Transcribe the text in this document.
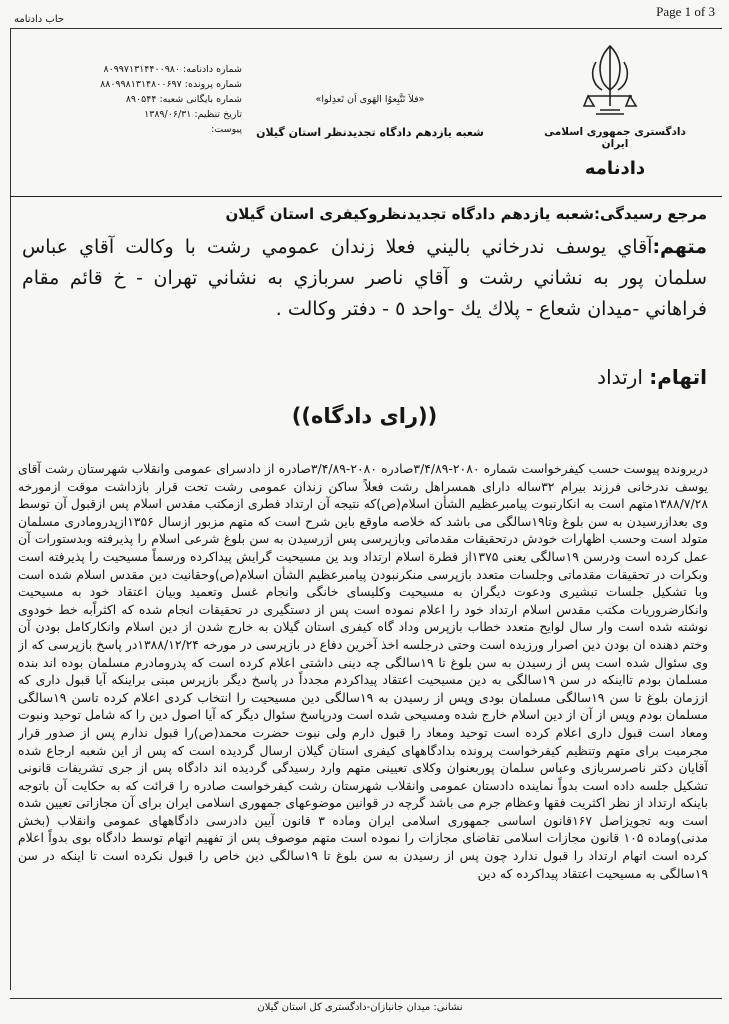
Page 1 of 3
حاب دادنامه
شماره دادنامه: ۸۰۹۹۷۱۳۱۴۴۰۰۹۸۰
شماره پرونده: ۸۸۰۹۹۸۱۳۱۴۸۰۰۶۹۷
شماره بایگانی شعبه: ۸۹۰۵۴۴
تاریخ تنظیم: ۱۳۸۹/۰۶/۳۱
پیوست:
«فلاَ تَتَّبِعوُا الهَوی اَن تَعدِلوا»
شعبه یازدهم دادگاه تجدیدنظر استان گیلان	دادگستری جمهوری اسلامی ایران
دادنامه
مرجع رسیدگی:شعبه یازدهم دادگاه تجدیدنظروکیفری استان گیلان
متهم:آقاي يوسف ندرخاني باليني فعلا زندان عمومي رشت با وكالت آقاي عباس سلمان پور به نشاني رشت و آقاي ناصر سربازي به نشاني تهران - خ قائم مقام فراهاني -ميدان شعاع - پلاك يك -واحد ٥ - دفتر وكالت .
اتهام: ارتداد
((رای دادگاه))
دریرونده پیوست حسب کیفرخواست شماره ۲۰۸۰-۳/۴/۸۹صادره ۲۰۸۰-۳/۴/۸۹صادره از دادسرای عمومی وانقلاب شهرستان رشت آقای یوسف ندرخانی فرزند بیرام ۳۲ساله دارای همسراهل رشت فعلاً ساکن زندان عمومی رشت تحت قرار بازداشت موقت ازمورخه ۱۳۸۸/۷/۲۸متهم است به انکارنبوت پیامبرعظیم الشأن اسلام(ص)که نتیجه آن ارتداد فطری ازمکتب مقدس اسلام پس ازقبول آن توسط وی بعدازرسیدن به سن بلوغ وتا۱۹سالگی می باشد که خلاصه ماوقع باین شرح است که متهم مزبور ازسال ۱۳۵۶ازپدرومادری مسلمان متولد است وحسب اظهارات خودش درتحقیقات مقدماتی وبازپرسی پس ازرسیدن به سن بلوغ شرعی اسلام را پذیرفته وبدستورات آن عمل کرده است ودرسن ۱۹سالگی یعنی ۱۳۷۵از فطرة اسلام ارتداد وبد ین مسیحیت گرایش پیداکرده ورسماً مسیحیت را پذیرفته است وبکرات در تحقیقات مقدماتی وجلسات متعدد بازپرسی منکرنبودن پیامبرعظیم الشأن اسلام(ص)وحقانیت دین مقدس اسلام شده است وبا تشکیل جلسات تبشیری ودعوت دیگران به مسیحیت وکلیسای خانگی وانجام غسل وتعمید وبیان اعتقاد خود به مسیحیت وانکارضروریات مکتب مقدس اسلام ارتداد خود را اعلام نموده است پس از دستگیری در تحقیقات انجام شده که اکثراًبه خط خودوی نوشته شده است وار سال لوایح متعدد خطاب بازپرس وداد گاه کیفری استان گیلان به خارج شدن از دین اسلام وانکارکامل بودن آن وختم دهنده ان بودن دین اصرار ورزیده است وحتی درجلسه اخذ آخرین دفاع در بازپرسی در مورخه ۱۳۸۸/۱۲/۲۴در پاسخ بازپرسی که از وی سئوال شده است پس از رسیدن به سن بلوغ تا ۱۹سالگی چه دینی داشتی اعلام کرده است که پدرومادرم مسلمان بوده اند بنده مسلمان بودم تااینکه در سن ۱۹سالگی به دین مسیحیت اعتقاد پیداکردم مجدداً در پاسخ دیگر بازپرس مبنی براینکه آیا قبول داری که اززمان بلوغ تا سن ۱۹سالگی مسلمان بودی وپس از رسیدن به ۱۹سالگی دین مسیحیت را انتخاب کردی اعلام کرده تاسن ۱۹سالگی مسلمان بودم وپس از آن از دین اسلام خارج شده ومسیحی شده است ودرپاسخ سئوال دیگر که آیا اصول دین را که شامل توحید ونبوت ومعاد است قبول داری اعلام کرده است توحید ومعاد را قبول دارم ولی نبوت حضرت محمد(ص)را قبول ندارم پس از صدور قرار مجرمیت برای متهم وتنظیم کیفرخواست پرونده بدادگاههای کیفری استان گیلان ارسال گردیده است که پس از این شعبه ارجاع شده آقایان دکتر ناصرسربازی وعباس سلمان پوربعنوان وکلای تعیینی متهم وارد رسیدگی گردیده اند دادگاه پس از جری تشریفات قانونی تشکیل جلسه داده است بدواً نماینده دادستان عمومی وانقلاب شهرستان رشت کیفرخواست صادره را قرائت که به حکایت آن باتوجه باینکه ارتداد از نظر اکثریت فقها وعظام جرم می باشد گرچه در قوانین موضوعهای جمهوری اسلامی ایران برای آن مجازاتی تعیین شده است وبه تجویزاصل ۱۶۷قانون اساسی جمهوری اسلامی ایران وماده ۳ قانون آیین دادرسی دادگاههای عمومی وانقلاب (بخش مدنی)وماده ۱۰۵ قانون مجازات اسلامی تقاضای مجازات را نموده است متهم موصوف پس از تفهیم اتهام توسط دادگاه بوی بدواً اعلام کرده است اتهام ارتداد را قبول ندارد چون پس از رسیدن به سن بلوغ تا ۱۹سالگی دین خاص را قبول نکرده است تا اینکه در سن ۱۹سالگی به مسیحیت اعتقاد پیداکرده که دین
نشانی: میدان جانبازان-دادگستری کل استان گیلان
